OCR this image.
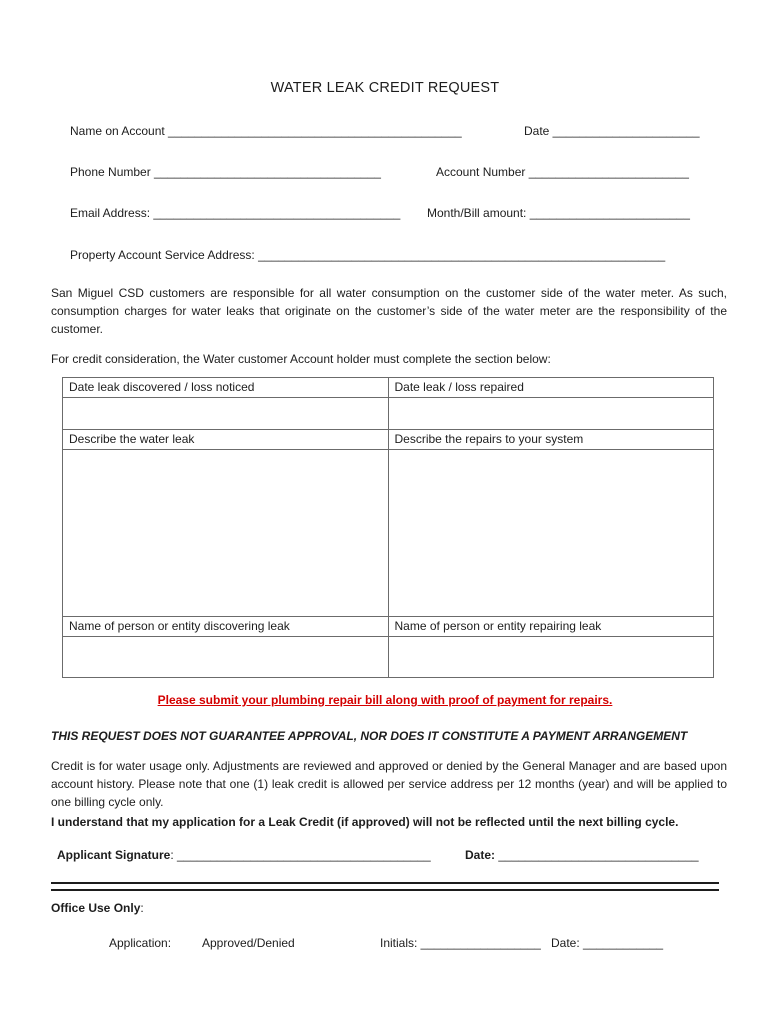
WATER LEAK CREDIT REQUEST
Name on Account ____________________________________________	Date ______________________
Phone Number __________________________________	Account Number ________________________
Email Address: _____________________________________ Month/Bill amount: ________________________
Property Account Service Address: _____________________________________________________________
San Miguel CSD customers are responsible for all water consumption on the customer side of the water meter. As such, consumption charges for water leaks that originate on the customer’s side of the water meter are the responsibility of the customer.
For credit consideration, the Water customer Account holder must complete the section below:
Date leak discovered / loss noticed	Date leak / loss repaired

Describe the water leak	Describe the repairs to your system

Name of person or entity discovering leak	Name of person or entity repairing leak

Please submit your plumbing repair bill along with proof of payment for repairs.
THIS REQUEST DOES NOT GUARANTEE APPROVAL, NOR DOES IT CONSTITUTE A PAYMENT ARRANGEMENT
Credit is for water usage only. Adjustments are reviewed and approved or denied by the General Manager and are based upon account history. Please note that one (1) leak credit is allowed per service address per 12 months (year) and will be applied to one billing cycle only.
I understand that my application for a Leak Credit (if approved) will not be reflected until the next billing cycle.
Applicant Signature: ______________________________________	Date: ______________________________
Office Use Only:
Application:	Approved/Denied	Initials: __________________ Date: ____________
